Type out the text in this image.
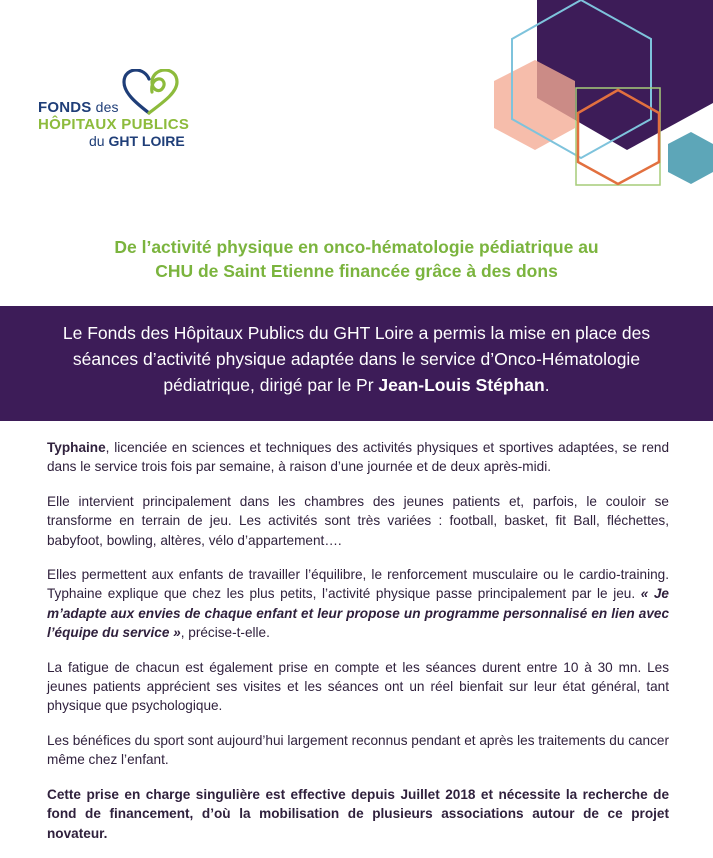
FONDS des
HÔPITAUX PUBLICS
du GHT LOIRE
De l’activité physique en onco-hématologie pédiatrique au
CHU de Saint Etienne financée grâce à des dons
Le Fonds des Hôpitaux Publics du GHT Loire a permis la mise en place des
séances d’activité physique adaptée dans le service d’Onco-Hématologie
pédiatrique, dirigé par le Pr Jean-Louis Stéphan.

Typhaine, licenciée en sciences et techniques des activités physiques et sportives adaptées, se rend dans le service trois fois par semaine, à raison d’une journée et de deux après-midi.

Elle intervient principalement dans les chambres des jeunes patients et, parfois, le couloir se transforme en terrain de jeu. Les activités sont très variées : football, basket, fit Ball, fléchettes, babyfoot, bowling, altères, vélo d’appartement….

Elles permettent aux enfants de travailler l’équilibre, le renforcement musculaire ou le cardio-training. Typhaine explique que chez les plus petits, l’activité physique passe principalement par le jeu. « Je m’adapte aux envies de chaque enfant et leur propose un programme personnalisé en lien avec l’équipe du service », précise-t-elle.

La fatigue de chacun est également prise en compte et les séances durent entre 10 à 30 mn. Les jeunes patients apprécient ses visites et les séances ont un réel bienfait sur leur état général, tant physique que psychologique.

Les bénéfices du sport sont aujourd’hui largement reconnus pendant et après les traitements du cancer même chez l’enfant.

Cette prise en charge singulière est effective depuis Juillet 2018 et nécessite la recherche de fond de financement, d’où la mobilisation de plusieurs associations autour de ce projet novateur.
